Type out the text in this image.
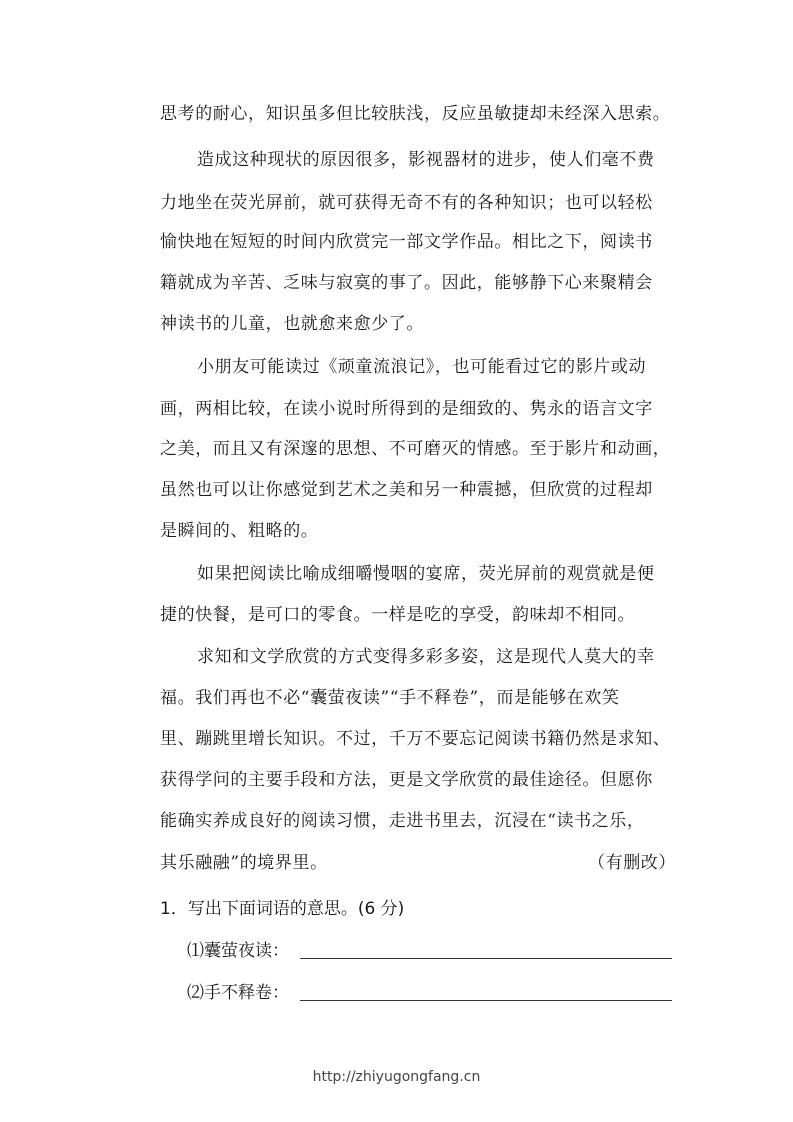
思考的耐心，知识虽多但比较肤浅，反应虽敏捷却未经深入思索。
造成这种现状的原因很多，影视器材的进步，使人们毫不费
力地坐在荧光屏前，就可获得无奇不有的各种知识；也可以轻松
愉快地在短短的时间内欣赏完一部文学作品。相比之下，阅读书
籍就成为辛苦、乏味与寂寞的事了。因此，能够静下心来聚精会
神读书的儿童，也就愈来愈少了。
小朋友可能读过《顽童流浪记》，也可能看过它的影片或动
画，两相比较，在读小说时所得到的是细致的、隽永的语言文字
之美，而且又有深邃的思想、不可磨灭的情感。至于影片和动画，
虽然也可以让你感觉到艺术之美和另一种震撼，但欣赏的过程却
是瞬间的、粗略的。
如果把阅读比喻成细嚼慢咽的宴席，荧光屏前的观赏就是便
捷的快餐，是可口的零食。一样是吃的享受，韵味却不相同。
求知和文学欣赏的方式变得多彩多姿，这是现代人莫大的幸
福。我们再也不必“囊萤夜读”“手不释卷”，而是能够在欢笑
里、蹦跳里增长知识。不过，千万不要忘记阅读书籍仍然是求知、
获得学问的主要手段和方法，更是文学欣赏的最佳途径。但愿你
能确实养成良好的阅读习惯，走进书里去，沉浸在“读书之乐，
其乐融融”的境界里。	（有删改）
1．写出下面词语的意思。(6 分)
⑴囊萤夜读：
⑵手不释卷：
http://zhiyugongfang.cn
